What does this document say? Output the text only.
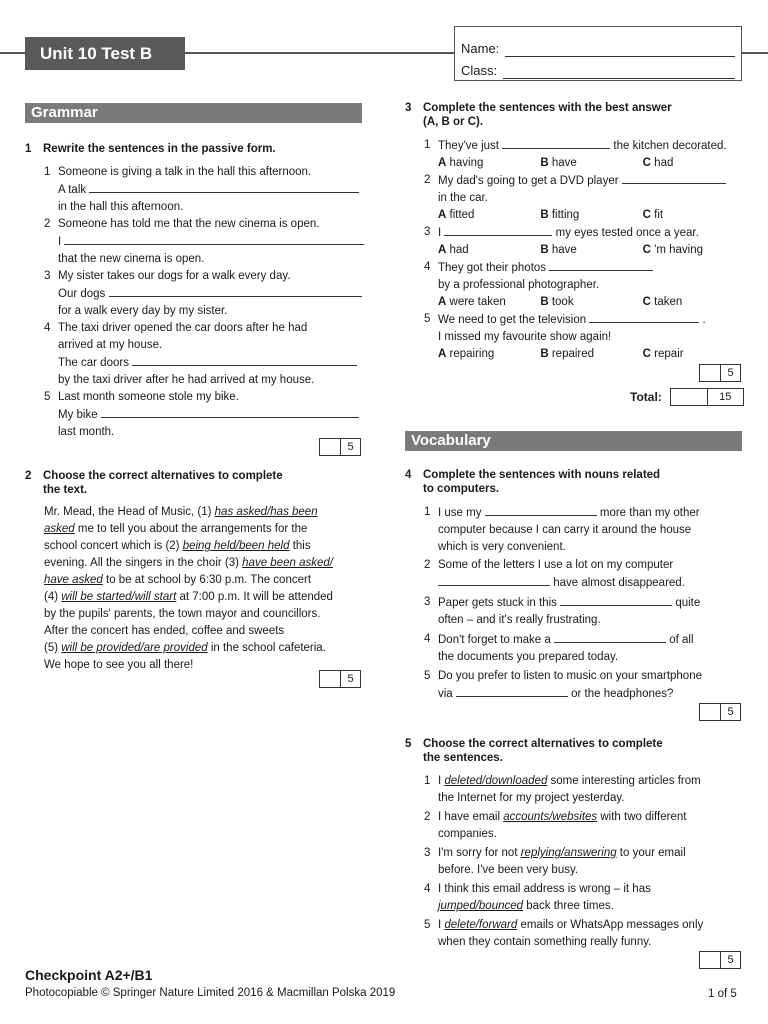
Unit 10 Test B	Name:
Class:
Grammar
1 Rewrite the sentences in the passive form.
1 Someone is giving a talk in the hall this afternoon.
A talk
in the hall this afternoon.
2 Someone has told me that the new cinema is open.
I
that the new cinema is open.
3 My sister takes our dogs for a walk every day.
Our dogs
for a walk every day by my sister.
4 The taxi driver opened the car doors after he had
arrived at my house.
The car doors
by the taxi driver after he had arrived at my house.
5 Last month someone stole my bike.
My bike
last month.
5
2 Choose the correct alternatives to complete
the text.
Mr. Mead, the Head of Music, (1) has asked/has been
asked me to tell you about the arrangements for the
school concert which is (2) being held/been held this
evening. All the singers in the choir (3) have been asked/
have asked to be at school by 6:30 p.m. The concert
(4) will be started/will start at 7:00 p.m. It will be attended
by the pupils' parents, the town mayor and councillors.
After the concert has ended, coffee and sweets
(5) will be provided/are provided in the school cafeteria.
We hope to see you all there!
5
3 Complete the sentences with the best answer
(A, B or C).
1 They've just	the kitchen decorated.
A having	B have	C had
2 My dad's going to get a DVD player
in the car.
A fitted	B fitting	C fit
3 I	my eyes tested once a year.
A had	B have	C 'm having
4 They got their photos
by a professional photographer.
A were taken	B took	C taken
5 We need to get the television	.
I missed my favourite show again!
A repairing	B repaired	C repair
5
Total:	15
Vocabulary
4 Complete the sentences with nouns related
to computers.
1 I use my	more than my other
computer because I can carry it around the house
which is very convenient.
2 Some of the letters I use a lot on my computer
have almost disappeared.
3 Paper gets stuck in this	quite
often – and it's really frustrating.
4 Don't forget to make a	of all
the documents you prepared today.
5 Do you prefer to listen to music on your smartphone
via	or the headphones?
5
5 Choose the correct alternatives to complete
the sentences.
1 I deleted/downloaded some interesting articles from
the Internet for my project yesterday.
2 I have email accounts/websites with two different
companies.
3 I'm sorry for not replying/answering to your email
before. I've been very busy.
4 I think this email address is wrong – it has
jumped/bounced back three times.
5 I delete/forward emails or WhatsApp messages only
when they contain something really funny.
5
Checkpoint A2+/B1
Photocopiable © Springer Nature Limited 2016 & Macmillan Polska 2019	1 of 5
